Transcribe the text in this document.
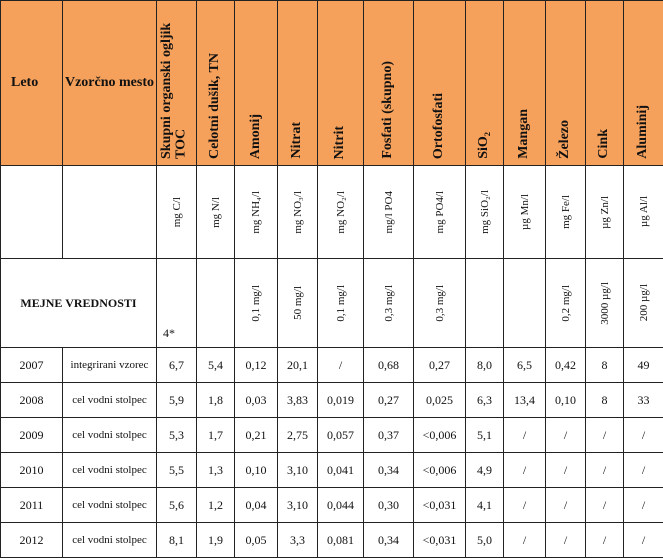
Leto	Vzorčno mesto	Skupni organski ogljik TOC	Celotni dušik, TN	Amonij	Nitrat	Nitrit	Fosfati (skupno)	Ortofosfati	SiO₂	Mangan	Železo	Cink	Aluminij

		mg C/l	mg N/l	mg NH₄/l	mg NO₃/l	mg NO₂/l	mg/l PO4	mg PO4/l	mg SiO₂/l	µg Mn/l	mg Fe/l	µg Zn/l	µg Al/l

MEJNE VREDNOSTI		4*		0,1 mg/l	50 mg/l	0,1 mg/l	0,3 mg/l	0,3 mg/l			0,2 mg/l	3000 µg/l	200 µg/l

2007	integrirani vzorec	6,7	5,4	0,12	20,1	/	0,68	0,27	8,0	6,5	0,42	8	49
2008	cel vodni stolpec	5,9	1,8	0,03	3,83	0,019	0,27	0,025	6,3	13,4	0,10	8	33
2009	cel vodni stolpec	5,3	1,7	0,21	2,75	0,057	0,37	<0,006	5,1	/	/	/	/
2010	cel vodni stolpec	5,5	1,3	0,10	3,10	0,041	0,34	<0,006	4,9	/	/	/	/
2011	cel vodni stolpec	5,6	1,2	0,04	3,10	0,044	0,30	<0,031	4,1	/	/	/	/
2012	cel vodni stolpec	8,1	1,9	0,05	3,3	0,081	0,34	<0,031	5,0	/	/	/	/
